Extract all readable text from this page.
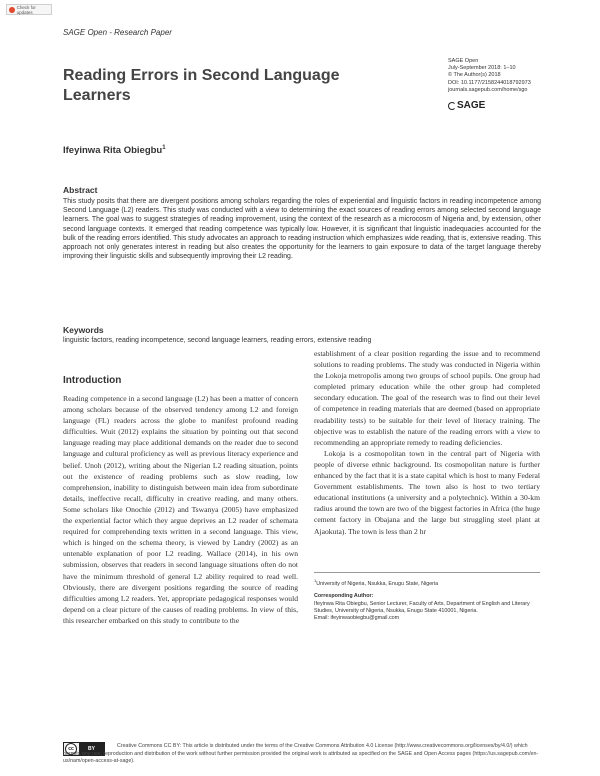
Check for updates
SAGE Open - Research Paper
Reading Errors in Second Language Learners
SAGE Open
July-September 2018: 1–10
© The Author(s) 2018
DOI: 10.1177/2158244018792973
journals.sagepub.com/home/sgo
SAGE
Ifeyinwa Rita Obiegbu$^1$
Abstract
This study posits that there are divergent positions among scholars regarding the roles of experiential and linguistic factors in reading incompetence among Second Language (L2) readers. This study was conducted with a view to determining the exact sources of reading errors among selected second language learners. The goal was to suggest strategies of reading improvement, using the context of the research as a microcosm of Nigeria and, by extension, other second language contexts. It emerged that reading competence was typically low. However, it is significant that linguistic inadequacies accounted for the bulk of the reading errors identified. This study advocates an approach to reading instruction which emphasizes wide reading, that is, extensive reading. This approach not only generates interest in reading but also creates the opportunity for the learners to gain exposure to data of the target language thereby improving their linguistic skills and subsequently improving their L2 reading.
Keywords
linguistic factors, reading incompetence, second language learners, reading errors, extensive reading
Introduction

Reading competence in a second language (L2) has been a matter of concern among scholars because of the observed tendency among L2 and foreign language (FL) readers across the globe to manifest profound reading difficulties. Wuit (2012) explains the situation by pointing out that second language reading may place additional demands on the reader due to second language and cultural proficiency as well as previous literacy experience and belief. Unoh (2012), writing about the Nigerian L2 reading situation, points out the existence of reading problems such as slow reading, low comprehension, inability to distinguish between main idea from subordinate details, ineffective recall, difficulty in creative reading, and many others. Some scholars like Onochie (2012) and Tswanya (2005) have emphasized the experiential factor which they argue deprives an L2 reader of schemata required for comprehending texts written in a second language. This view, which is hinged on the schema theory, is viewed by Landry (2002) as an untenable explanation of poor L2 reading. Wallace (2014), in his own submission, observes that readers in second language situations often do not have the minimum threshold of general L2 ability required to read well. Obviously, there are divergent positions regarding the source of reading difficulties among L2 readers. Yet, appropriate pedagogical responses would depend on a clear picture of the causes of reading problems. In view of this, this researcher embarked on this study to contribute to the

establishment of a clear position regarding the issue and to recommend solutions to reading problems. The study was conducted in Nigeria within the Lokoja metropolis among two groups of school pupils. One group had completed primary education while the other group had completed secondary education. The goal of the research was to find out their level of competence in reading materials that are deemed (based on appropriate readability tests) to be suitable for their level of literacy training. The objective was to establish the nature of the reading errors with a view to recommending an appropriate remedy to reading deficiencies.

Lokoja is a cosmopolitan town in the central part of Nigeria with people of diverse ethnic background. Its cosmopolitan nature is further enhanced by the fact that it is a state capital which is host to many Federal Government establishments. The town also is host to two tertiary educational institutions (a university and a polytechnic). Within a 30-km radius around the town are two of the biggest factories in Africa (the huge cement factory in Obajana and the large but struggling steel plant at Ajaokuta). The town is less than 2 hr

$^1$University of Nigeria, Nsukka, Enugu State, Nigeria
Corresponding Author:
Ifeyinwa Rita Obiegbu, Senior Lecturer, Faculty of Arts, Department of English and Literary Studies, University of Nigeria, Nsukka, Enugu State 410001, Nigeria.
Email: ifeyinwaobiegbu@gmail.com
cc	BY	Creative Commons CC BY: This article is distributed under the terms of the Creative Commons Attribution 4.0 License (http://www.creativecommons.org/licenses/by/4.0/) which permits any use, reproduction and distribution of the work without further permission provided the original work is attributed as specified on the SAGE and Open Access pages (https://us.sagepub.com/en-us/nam/open-access-at-sage).
